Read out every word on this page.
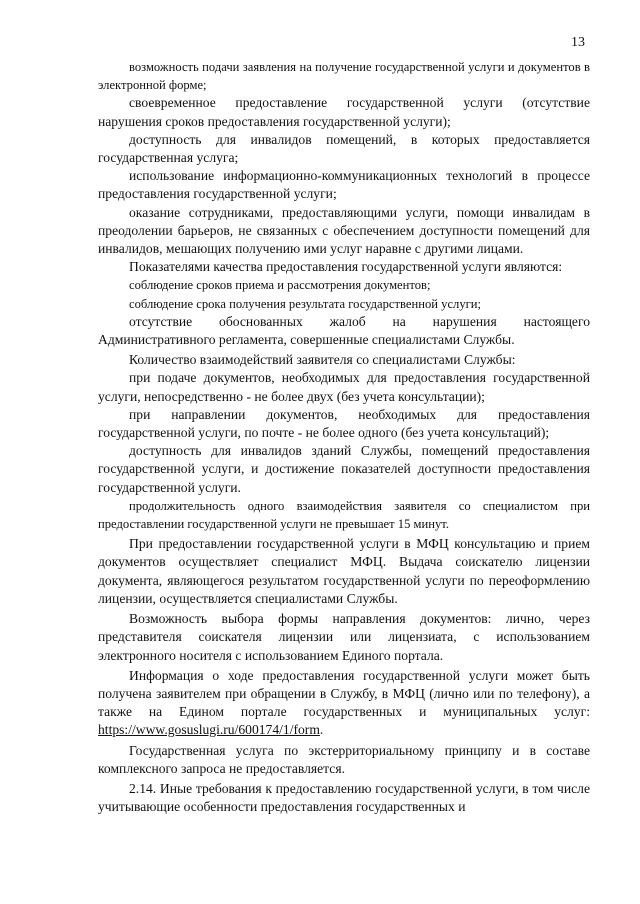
13

возможность подачи заявления на получение государственной услуги и документов в электронной форме;

своевременное предоставление государственной услуги (отсутствие нарушения сроков предоставления государственной услуги);

доступность для инвалидов помещений, в которых предоставляется государственная услуга;

использование информационно-коммуникационных технологий в процессе предоставления государственной услуги;

оказание сотрудниками, предоставляющими услуги, помощи инвалидам в преодолении барьеров, не связанных с обеспечением доступности помещений для инвалидов, мешающих получению ими услуг наравне с другими лицами.

Показателями качества предоставления государственной услуги являются:

соблюдение сроков приема и рассмотрения документов;

соблюдение срока получения результата государственной услуги;

отсутствие обоснованных жалоб на нарушения настоящего Административного регламента, совершенные специалистами Службы.

Количество взаимодействий заявителя со специалистами Службы:

при подаче документов, необходимых для предоставления государственной услуги, непосредственно - не более двух (без учета консультации);

при направлении документов, необходимых для предоставления государственной услуги, по почте - не более одного (без учета консультаций);

доступность для инвалидов зданий Службы, помещений предоставления государственной услуги, и достижение показателей доступности предоставления государственной услуги.

продолжительность одного взаимодействия заявителя со специалистом при предоставлении государственной услуги не превышает 15 минут.

При предоставлении государственной услуги в МФЦ консультацию и прием документов осуществляет специалист МФЦ. Выдача соискателю лицензии документа, являющегося результатом государственной услуги по переоформлению лицензии, осуществляется специалистами Службы.

Возможность выбора формы направления документов: лично, через представителя соискателя лицензии или лицензиата, с использованием электронного носителя с использованием Единого портала.

Информация о ходе предоставления государственной услуги может быть получена заявителем при обращении в Службу, в МФЦ (лично или по телефону), а также на Едином портале государственных и муниципальных услуг: https://www.gosuslugi.ru/600174/1/form.

Государственная услуга по экстерриториальному принципу и в составе комплексного запроса не предоставляется.

2.14. Иные требования к предоставлению государственной услуги, в том числе учитывающие особенности предоставления государственных и
